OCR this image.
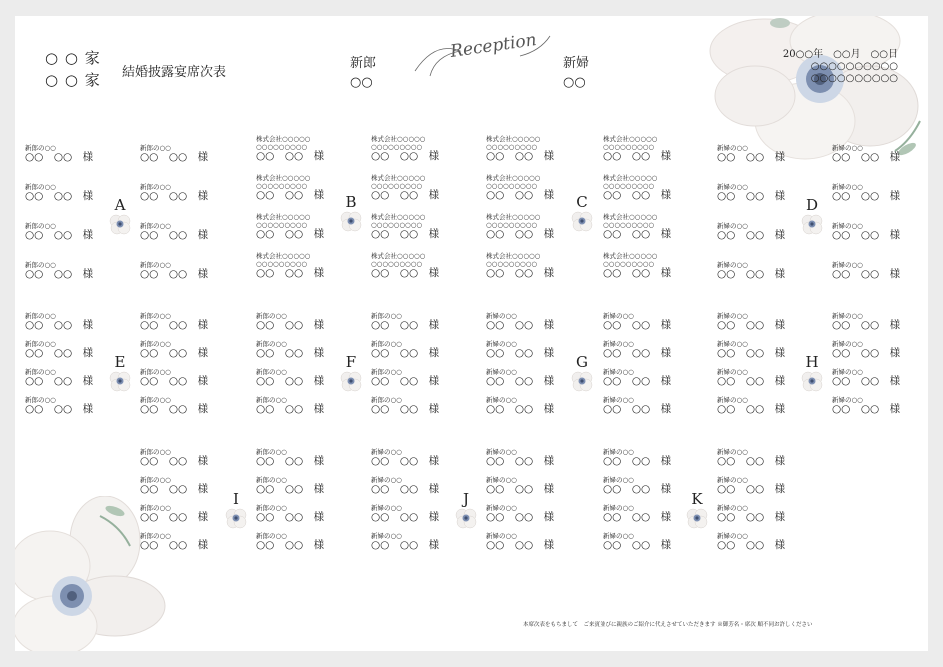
○ ○ 家
○ ○ 家 結婚披露宴席次表
新郎
○○
Reception
新婦
○○
20○○年　○○月　○○日
○○○○○○○○○○
○○○○○○○○○○
A
新郎の○○
○○　○○　様
新郎の○○
○○　○○　様
新郎の○○
○○　○○　様
新郎の○○
○○　○○　様
新郎の○○
○○　○○　様
新郎の○○
○○　○○　様
新郎の○○
○○　○○　様
新郎の○○
○○　○○　様
B
株式会社○○○○○
○○○○○○○○○
○○　○○　様
株式会社○○○○○
○○○○○○○○○
○○　○○　様
株式会社○○○○○
○○○○○○○○○
○○　○○　様
株式会社○○○○○
○○○○○○○○○
○○　○○　様
株式会社○○○○○
○○○○○○○○○
○○　○○　様
株式会社○○○○○
○○○○○○○○○
○○　○○　様
株式会社○○○○○
○○○○○○○○○
○○　○○　様
株式会社○○○○○
○○○○○○○○○
○○　○○　様
C
株式会社○○○○○
○○○○○○○○○
○○　○○　様
株式会社○○○○○
○○○○○○○○○
○○　○○　様
株式会社○○○○○
○○○○○○○○○
○○　○○　様
株式会社○○○○○
○○○○○○○○○
○○　○○　様
株式会社○○○○○
○○○○○○○○○
○○　○○　様
株式会社○○○○○
○○○○○○○○○
○○　○○　様
株式会社○○○○○
○○○○○○○○○
○○　○○　様
株式会社○○○○○
○○○○○○○○○
○○　○○　様
D
新婦の○○
○○　○○　様
新婦の○○
○○　○○　様
新婦の○○
○○　○○　様
新婦の○○
○○　○○　様
新婦の○○
○○　○○　様
新婦の○○
○○　○○　様
新婦の○○
○○　○○　様
新婦の○○
○○　○○　様
E
新郎の○○
○○　○○　様
新郎の○○
○○　○○　様
新郎の○○
○○　○○　様
新郎の○○
○○　○○　様
新郎の○○
○○　○○　様
新郎の○○
○○　○○　様
新郎の○○
○○　○○　様
新郎の○○
○○　○○　様
F
新郎の○○
○○　○○　様
新郎の○○
○○　○○　様
新郎の○○
○○　○○　様
新郎の○○
○○　○○　様
新郎の○○
○○　○○　様
新郎の○○
○○　○○　様
新郎の○○
○○　○○　様
新郎の○○
○○　○○　様
G
新婦の○○
○○　○○　様
新婦の○○
○○　○○　様
新婦の○○
○○　○○　様
新婦の○○
○○　○○　様
新婦の○○
○○　○○　様
新婦の○○
○○　○○　様
新婦の○○
○○　○○　様
新婦の○○
○○　○○　様
H
新婦の○○
○○　○○　様
新婦の○○
○○　○○　様
新婦の○○
○○　○○　様
新婦の○○
○○　○○　様
新婦の○○
○○　○○　様
新婦の○○
○○　○○　様
新婦の○○
○○　○○　様
新婦の○○
○○　○○　様
I
新郎の○○
○○　○○　様
新郎の○○
○○　○○　様
新郎の○○
○○　○○　様
新郎の○○
○○　○○　様
新郎の○○
○○　○○　様
新郎の○○
○○　○○　様
新郎の○○
○○　○○　様
新郎の○○
○○　○○　様
J
新婦の○○
○○　○○　様
新婦の○○
○○　○○　様
新婦の○○
○○　○○　様
新婦の○○
○○　○○　様
新婦の○○
○○　○○　様
新婦の○○
○○　○○　様
新婦の○○
○○　○○　様
新婦の○○
○○　○○　様
K
新婦の○○
○○　○○　様
新婦の○○
○○　○○　様
新婦の○○
○○　○○　様
新婦の○○
○○　○○　様
新婦の○○
○○　○○　様
新婦の○○
○○　○○　様
新婦の○○
○○　○○　様
新婦の○○
○○　○○　様
本席次表をもちまして　ご来賓並びに親族のご紹介に代えさせていただきます ※御芳名・席次 順不同お許しください
